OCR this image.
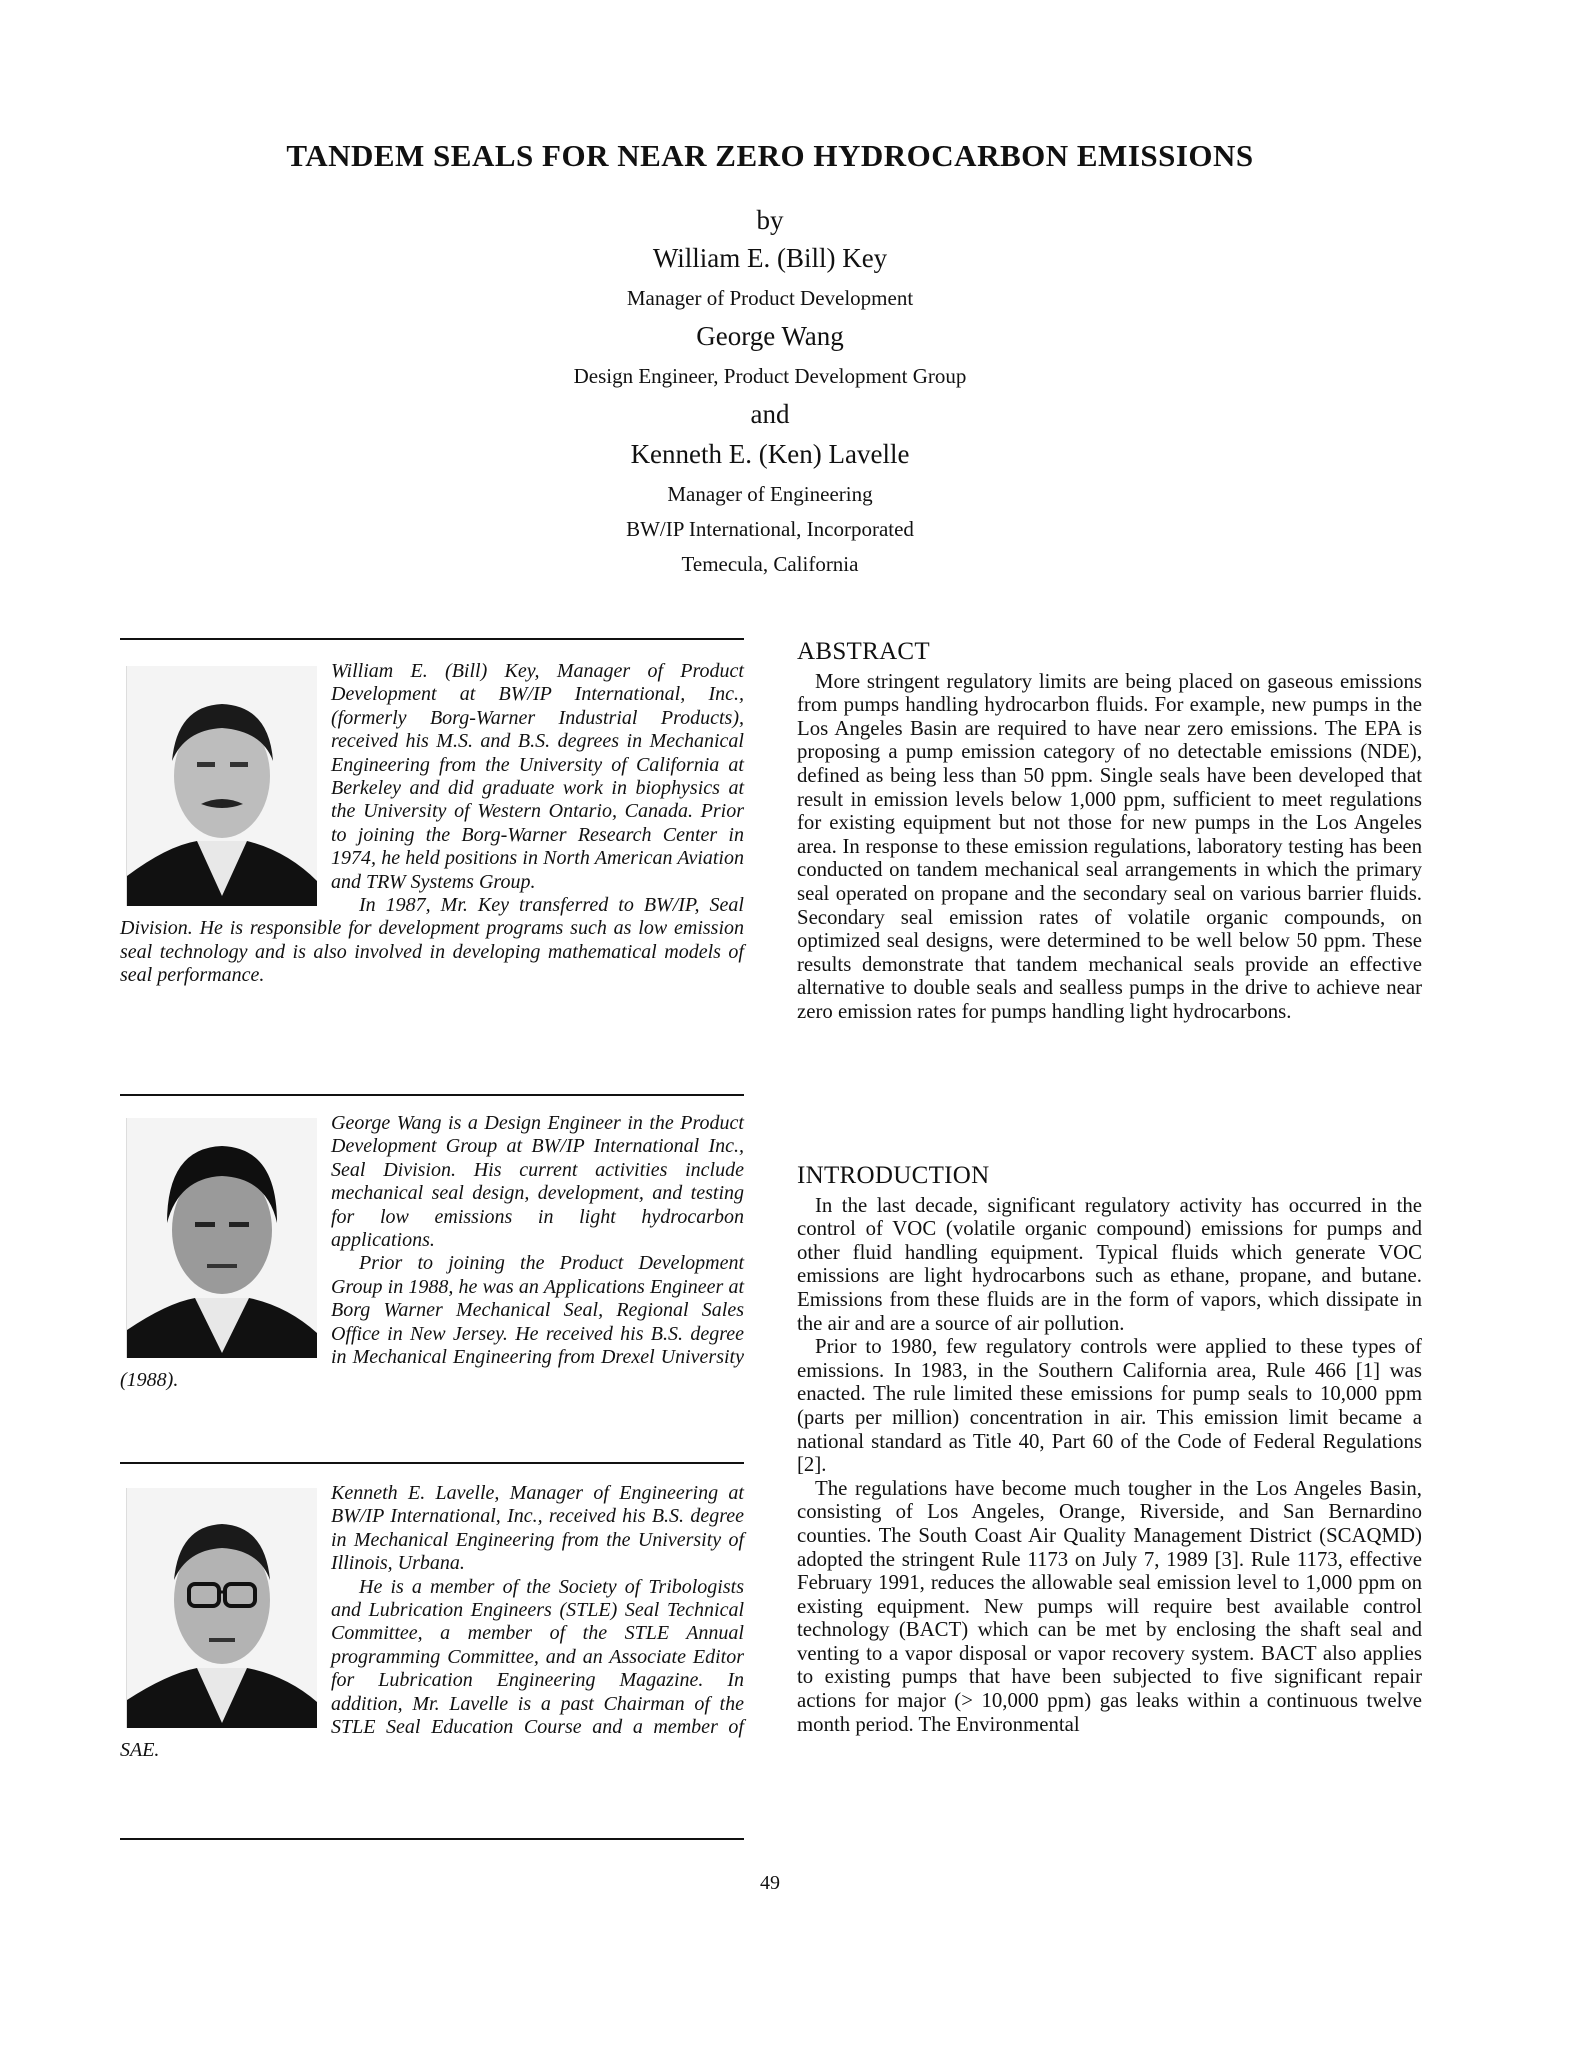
TANDEM SEALS FOR NEAR ZERO HYDROCARBON EMISSIONS
by
William E. (Bill) Key
Manager of Product Development
George Wang
Design Engineer, Product Development Group
and
Kenneth E. (Ken) Lavelle
Manager of Engineering
BW/IP International, Incorporated
Temecula, California

William E. (Bill) Key, Manager of Product Development at BW/IP International, Inc., (formerly Borg-Warner Industrial Products), received his M.S. and B.S. degrees in Mechanical Engineering from the University of California at Berkeley and did graduate work in biophysics at the University of Western Ontario, Canada. Prior to joining the Borg-Warner Research Center in 1974, he held positions in North American Aviation and TRW Systems Group.

In 1987, Mr. Key transferred to BW/IP, Seal Division. He is responsible for development programs such as low emission seal technology and is also involved in developing mathematical models of seal performance.

George Wang is a Design Engineer in the Product Development Group at BW/IP International Inc., Seal Division. His current activities include mechanical seal design, development, and testing for low emissions in light hydrocarbon applications.

Prior to joining the Product Development Group in 1988, he was an Applications Engineer at Borg Warner Mechanical Seal, Regional Sales Office in New Jersey. He received his B.S. degree in Mechanical Engineering from Drexel University (1988).

Kenneth E. Lavelle, Manager of Engineering at BW/IP International, Inc., received his B.S. degree in Mechanical Engineering from the University of Illinois, Urbana.

He is a member of the Society of Tribologists and Lubrication Engineers (STLE) Seal Technical Committee, a member of the STLE Annual programming Committee, and an Associate Editor for Lubrication Engineering Magazine. In addition, Mr. Lavelle is a past Chairman of the STLE Seal Education Course and a member of SAE.

ABSTRACT

More stringent regulatory limits are being placed on gaseous emissions from pumps handling hydrocarbon fluids. For example, new pumps in the Los Angeles Basin are required to have near zero emissions. The EPA is proposing a pump emission category of no detectable emissions (NDE), defined as being less than 50 ppm. Single seals have been developed that result in emission levels below 1,000 ppm, sufficient to meet regulations for existing equipment but not those for new pumps in the Los Angeles area. In response to these emission regulations, laboratory testing has been conducted on tandem mechanical seal arrangements in which the primary seal operated on propane and the secondary seal on various barrier fluids. Secondary seal emission rates of volatile organic compounds, on optimized seal designs, were determined to be well below 50 ppm. These results demonstrate that tandem mechanical seals provide an effective alternative to double seals and sealless pumps in the drive to achieve near zero emission rates for pumps handling light hydrocarbons.

INTRODUCTION

In the last decade, significant regulatory activity has occurred in the control of VOC (volatile organic compound) emissions for pumps and other fluid handling equipment. Typical fluids which generate VOC emissions are light hydrocarbons such as ethane, propane, and butane. Emissions from these fluids are in the form of vapors, which dissipate in the air and are a source of air pollution.

Prior to 1980, few regulatory controls were applied to these types of emissions. In 1983, in the Southern California area, Rule 466 [1] was enacted. The rule limited these emissions for pump seals to 10,000 ppm (parts per million) concentration in air. This emission limit became a national standard as Title 40, Part 60 of the Code of Federal Regulations [2].

The regulations have become much tougher in the Los Angeles Basin, consisting of Los Angeles, Orange, Riverside, and San Bernardino counties. The South Coast Air Quality Management District (SCAQMD) adopted the stringent Rule 1173 on July 7, 1989 [3]. Rule 1173, effective February 1991, reduces the allowable seal emission level to 1,000 ppm on existing equipment. New pumps will require best available control technology (BACT) which can be met by enclosing the shaft seal and venting to a vapor disposal or vapor recovery system. BACT also applies to existing pumps that have been subjected to five significant repair actions for major (> 10,000 ppm) gas leaks within a continuous twelve month period. The Environmental

49
